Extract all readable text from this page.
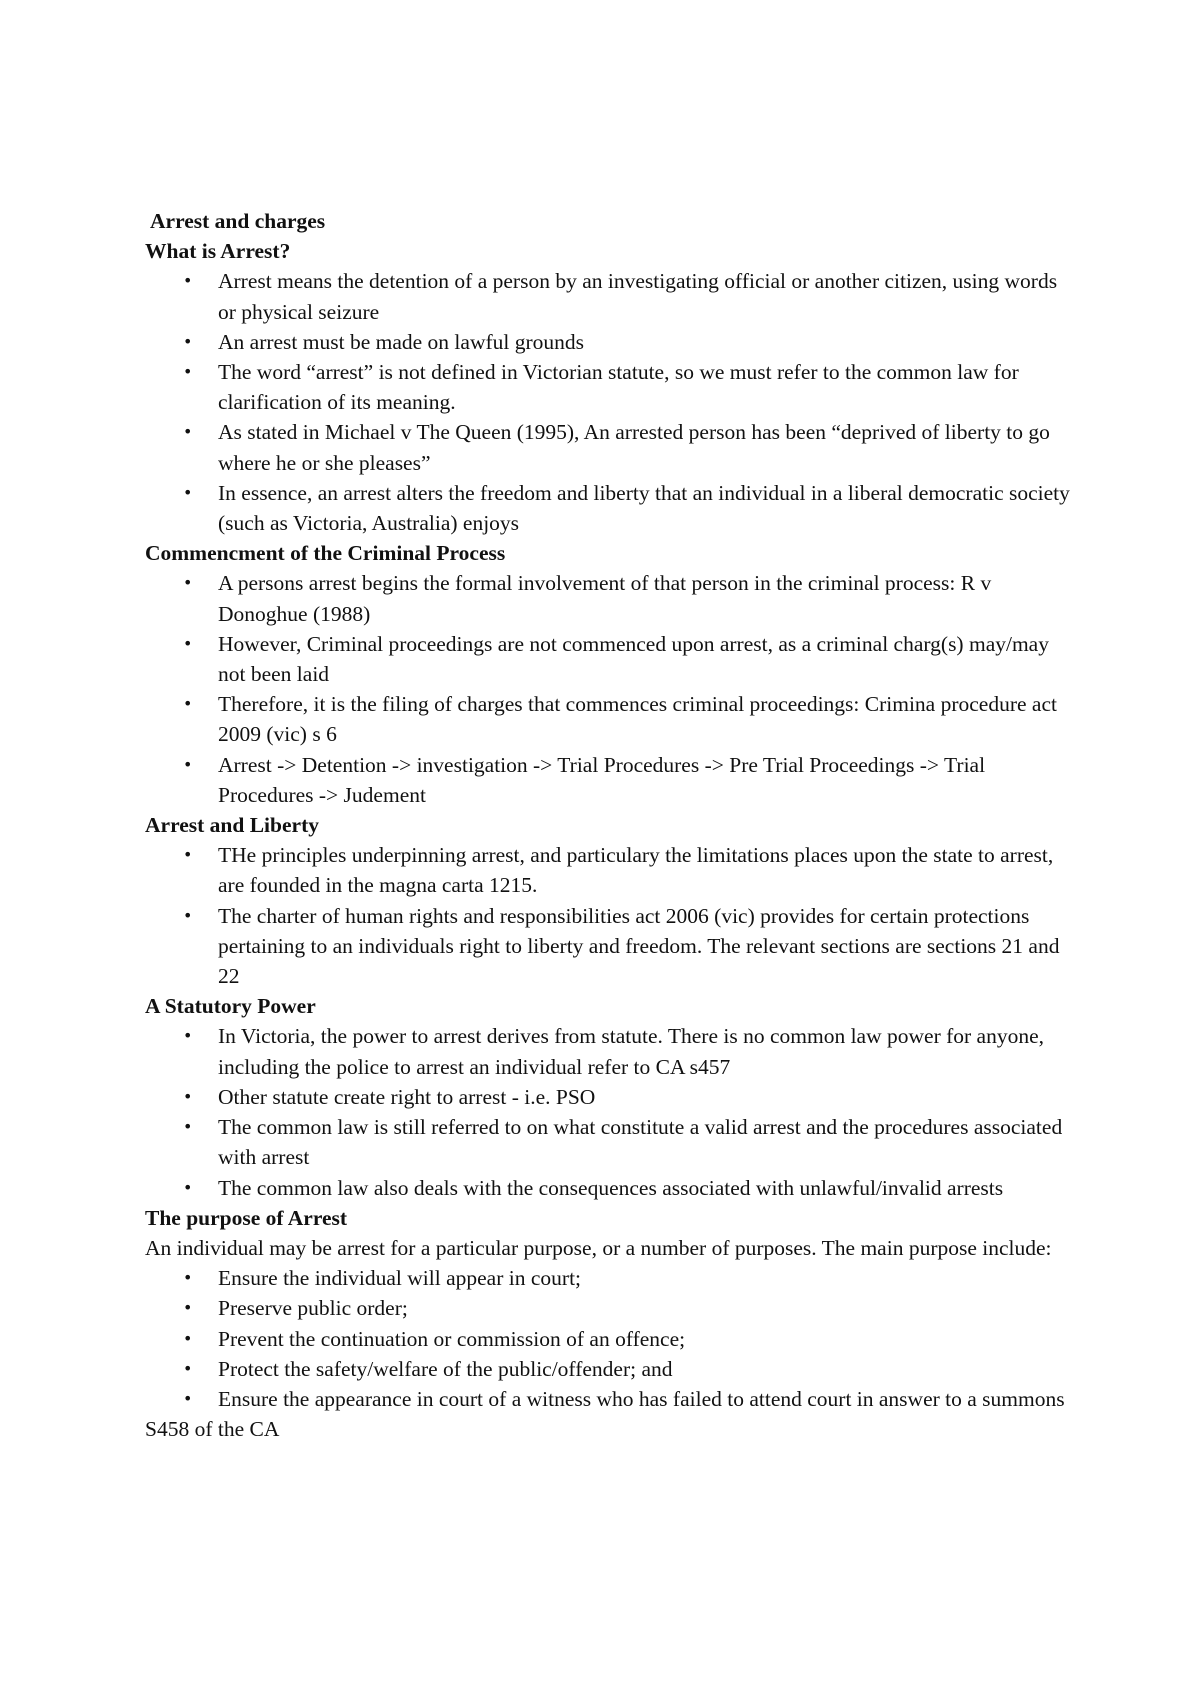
Arrest and charges

What is Arrest?

• Arrest means the detention of a person by an investigating official or another citizen, using words or physical seizure
• An arrest must be made on lawful grounds
• The word “arrest” is not defined in Victorian statute, so we must refer to the common law for clarification of its meaning.
• As stated in Michael v The Queen (1995), An arrested person has been “deprived of liberty to go where he or she pleases”
• In essence, an arrest alters the freedom and liberty that an individual in a liberal democratic society (such as Victoria, Australia) enjoys

Commencment of the Criminal Process

• A persons arrest begins the formal involvement of that person in the criminal process: R v Donoghue (1988)
• However, Criminal proceedings are not commenced upon arrest, as a criminal charg(s) may/may not been laid
• Therefore, it is the filing of charges that commences criminal proceedings: Crimina procedure act 2009 (vic) s 6
• Arrest -> Detention -> investigation -> Trial Procedures -> Pre Trial Proceedings -> Trial Procedures -> Judement

Arrest and Liberty

• THe principles underpinning arrest, and particulary the limitations places upon the state to arrest, are founded in the magna carta 1215.
• The charter of human rights and responsibilities act 2006 (vic) provides for certain protections pertaining to an individuals right to liberty and freedom. The relevant sections are sections 21 and 22

A Statutory Power

• In Victoria, the power to arrest derives from statute. There is no common law power for anyone, including the police to arrest an individual refer to CA s457
• Other statute create right to arrest - i.e. PSO
• The common law is still referred to on what constitute a valid arrest and the procedures associated with arrest
• The common law also deals with the consequences associated with unlawful/invalid arrests

The purpose of Arrest

An individual may be arrest for a particular purpose, or a number of purposes. The main purpose include:

• Ensure the individual will appear in court;
• Preserve public order;
• Prevent the continuation or commission of an offence;
• Protect the safety/welfare of the public/offender; and
• Ensure the appearance in court of a witness who has failed to attend court in answer to a summons

S458 of the CA
